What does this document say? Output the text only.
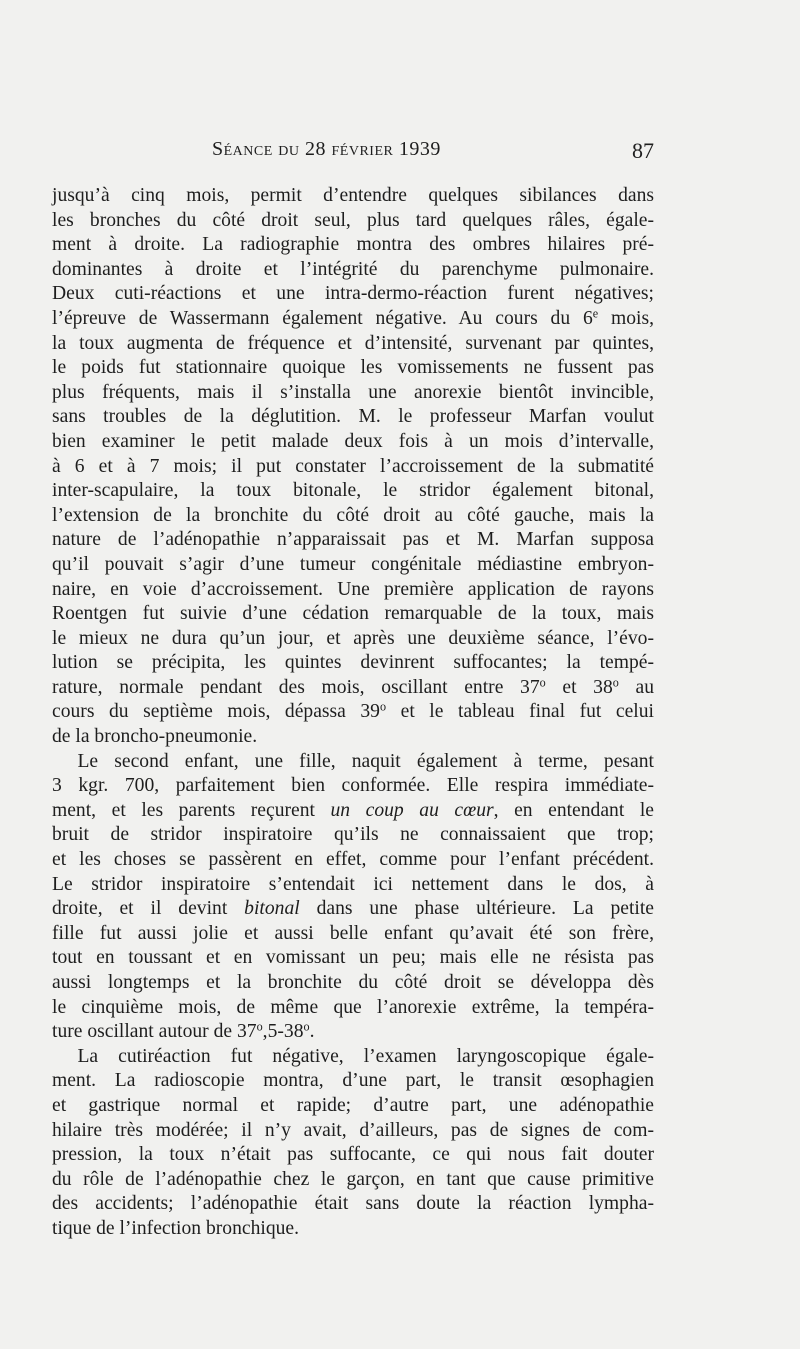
Séance du 28 février 1939	87
jusqu’à cinq mois, permit d’entendre quelques sibilances dans
les bronches du côté droit seul, plus tard quelques râles, égale-
ment à droite. La radiographie montra des ombres hilaires pré-
dominantes à droite et l’intégrité du parenchyme pulmonaire.
Deux cuti-réactions et une intra-dermo-réaction furent négatives;
l’épreuve de Wassermann également négative. Au cours du 6e mois,
la toux augmenta de fréquence et d’intensité, survenant par quintes,
le poids fut stationnaire quoique les vomissements ne fussent pas
plus fréquents, mais il s’installa une anorexie bientôt invincible,
sans troubles de la déglutition. M. le professeur Marfan voulut
bien examiner le petit malade deux fois à un mois d’intervalle,
à 6 et à 7 mois; il put constater l’accroissement de la submatité
inter-scapulaire, la toux bitonale, le stridor également bitonal,
l’extension de la bronchite du côté droit au côté gauche, mais la
nature de l’adénopathie n’apparaissait pas et M. Marfan supposa
qu’il pouvait s’agir d’une tumeur congénitale médiastine embryon-
naire, en voie d’accroissement. Une première application de rayons
Roentgen fut suivie d’une cédation remarquable de la toux, mais
le mieux ne dura qu’un jour, et après une deuxième séance, l’évo-
lution se précipita, les quintes devinrent suffocantes; la tempé-
rature, normale pendant des mois, oscillant entre 37$^o$ et 38$^o$ au
cours du septième mois, dépassa 39$^o$ et le tableau final fut celui
de la broncho-pneumonie.
Le second enfant, une fille, naquit également à terme, pesant
3 kgr. 700, parfaitement bien conformée. Elle respira immédiate-
ment, et les parents reçurent un coup au cœur, en entendant le
bruit de stridor inspiratoire qu’ils ne connaissaient que trop;
et les choses se passèrent en effet, comme pour l’enfant précédent.
Le stridor inspiratoire s’entendait ici nettement dans le dos, à
droite, et il devint bitonal dans une phase ultérieure. La petite
fille fut aussi jolie et aussi belle enfant qu’avait été son frère,
tout en toussant et en vomissant un peu; mais elle ne résista pas
aussi longtemps et la bronchite du côté droit se développa dès
le cinquième mois, de même que l’anorexie extrême, la tempéra-
ture oscillant autour de 37$^o$,5-38$^o$.
La cutiréaction fut négative, l’examen laryngoscopique égale-
ment. La radioscopie montra, d’une part, le transit œsophagien
et gastrique normal et rapide; d’autre part, une adénopathie
hilaire très modérée; il n’y avait, d’ailleurs, pas de signes de com-
pression, la toux n’était pas suffocante, ce qui nous fait douter
du rôle de l’adénopathie chez le garçon, en tant que cause primitive
des accidents; l’adénopathie était sans doute la réaction lympha-
tique de l’infection bronchique.
